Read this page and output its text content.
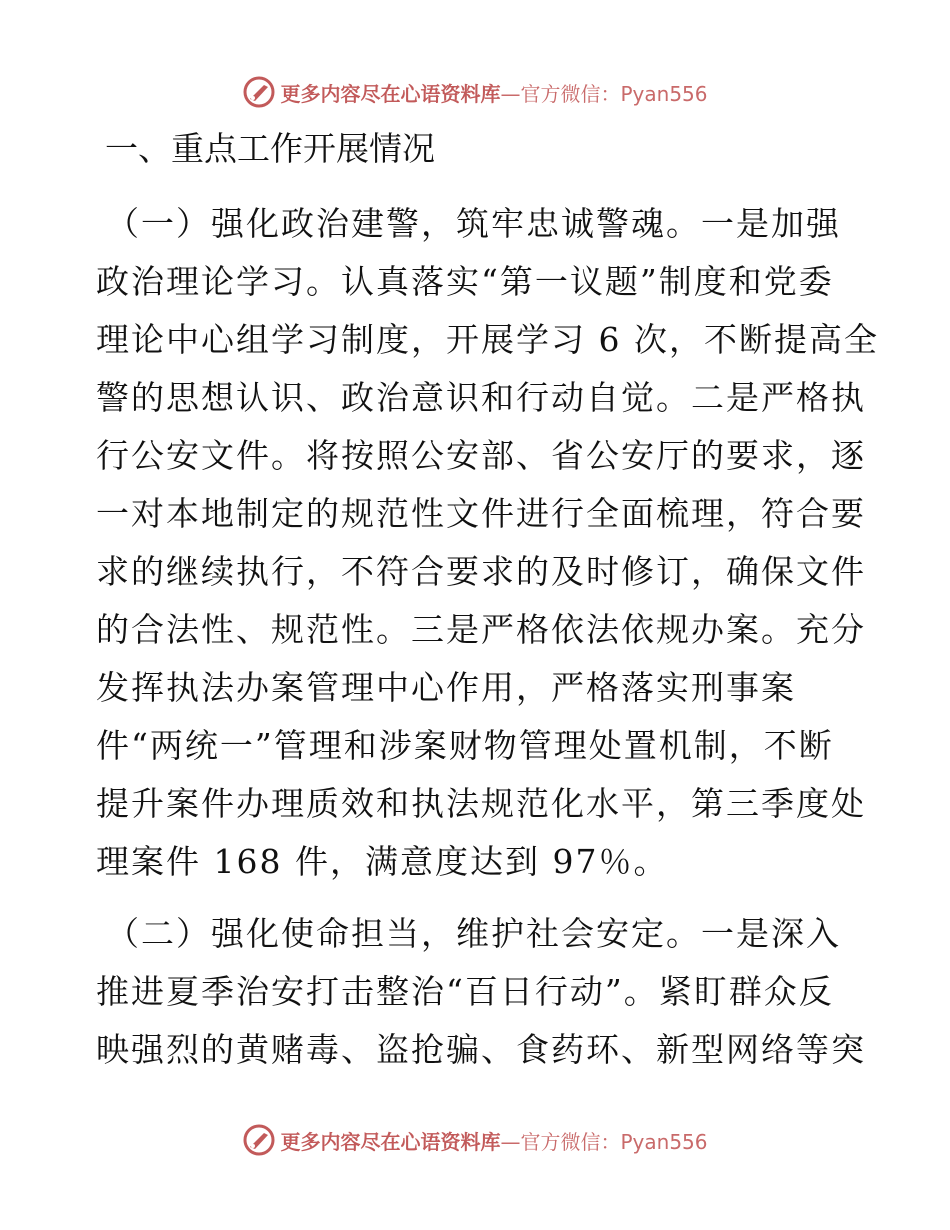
更多内容尽在心语资料库—官方微信：Pyan556
一、重点工作开展情况
（一）强化政治建警，筑牢忠诚警魂。一是加强
政治理论学习。认真落实“第一议题”制度和党委
理论中心组学习制度，开展学习 6 次，不断提高全
警的思想认识、政治意识和行动自觉。二是严格执
行公安文件。将按照公安部、省公安厅的要求，逐
一对本地制定的规范性文件进行全面梳理，符合要
求的继续执行，不符合要求的及时修订，确保文件
的合法性、规范性。三是严格依法依规办案。充分
发挥执法办案管理中心作用，严格落实刑事案
件“两统一”管理和涉案财物管理处置机制，不断
提升案件办理质效和执法规范化水平，第三季度处
理案件 168 件，满意度达到 97％。
（二）强化使命担当，维护社会安定。一是深入
推进夏季治安打击整治“百日行动”。紧盯群众反
映强烈的黄赌毒、盗抢骗、食药环、新型网络等突
更多内容尽在心语资料库—官方微信：Pyan556
